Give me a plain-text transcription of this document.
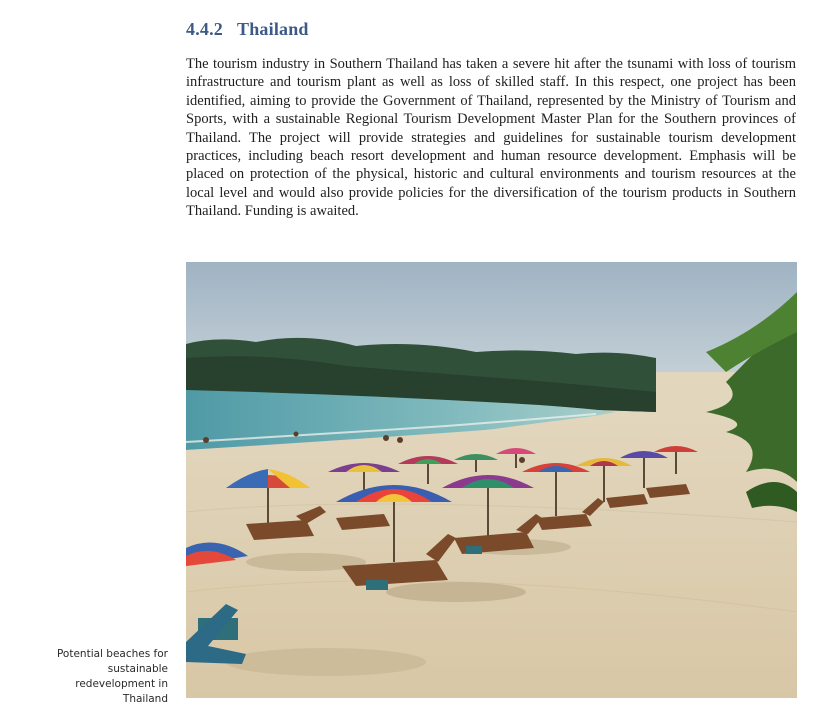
4.4.2 Thailand

The tourism industry in Southern Thailand has taken a severe hit after the tsunami with loss of tourism infrastructure and tourism plant as well as loss of skilled staff. In this respect, one project has been identified, aiming to provide the Government of Thailand, represented by the Ministry of Tourism and Sports, with a sustainable Regional Tourism Development Master Plan for the Southern provinces of Thailand. The project will provide strategies and guidelines for sustainable tourism development practices, including beach resort development and human resource development. Emphasis will be placed on protection of the physical, historic and cultural environments and tourism resources at the local level and would also provide policies for the diversification of the tourism products in Southern Thailand. Funding is awaited.

Potential beaches for sustainable redevelopment in Thailand
